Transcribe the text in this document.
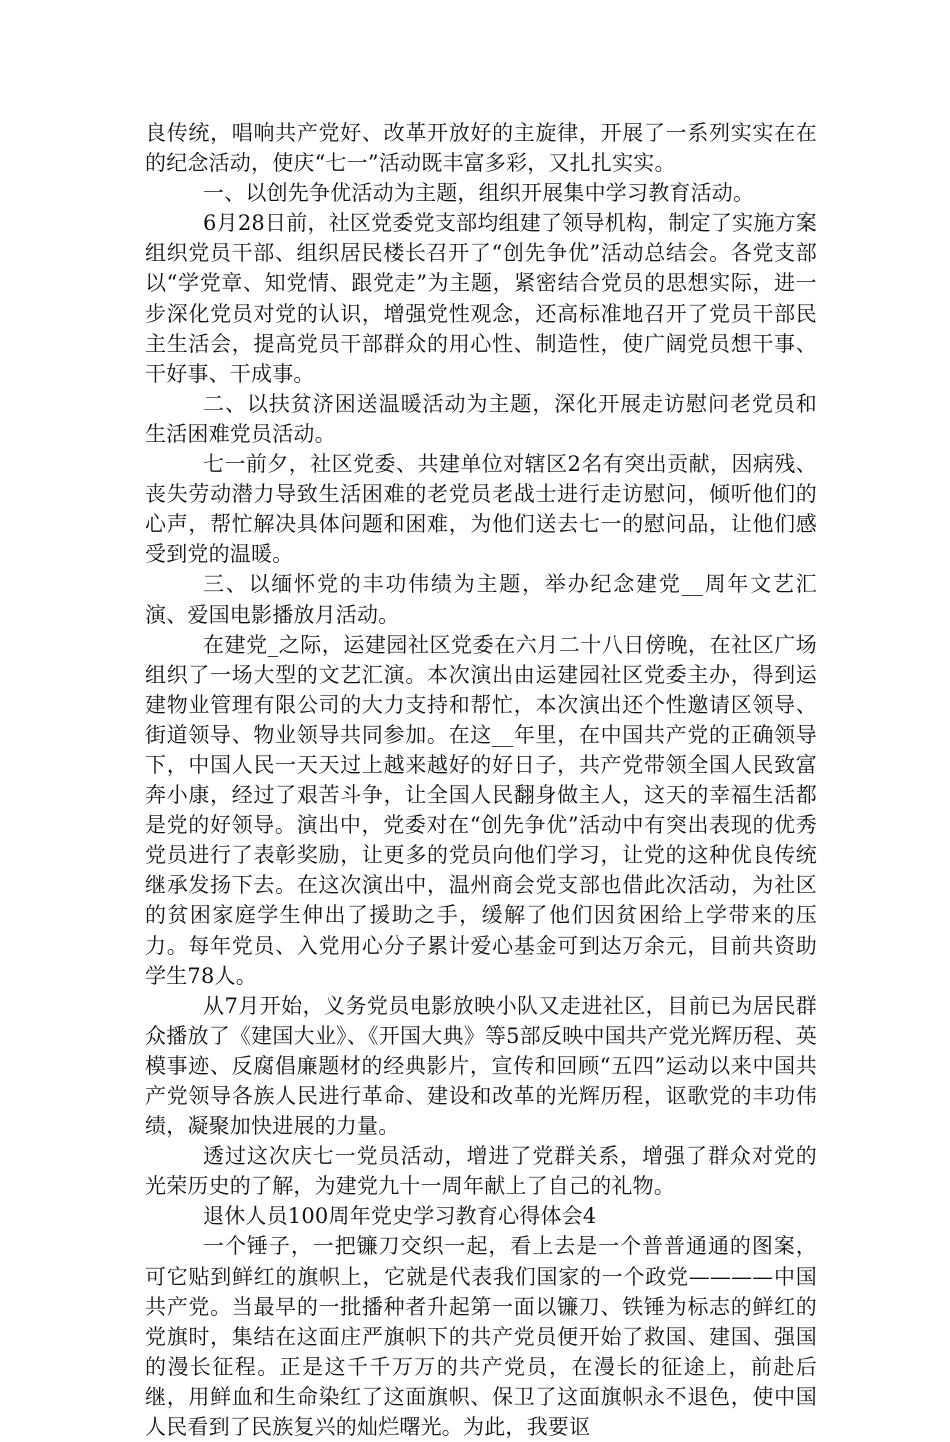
良传统，唱响共产党好、改革开放好的主旋律，开展了一系列实实在在的纪念活动，使庆“七一”活动既丰富多彩，又扎扎实实。

一、以创先争优活动为主题，组织开展集中学习教育活动。

6月28日前，社区党委党支部均组建了领导机构，制定了实施方案组织党员干部、组织居民楼长召开了“创先争优”活动总结会。各党支部以“学党章、知党情、跟党走”为主题，紧密结合党员的思想实际，进一步深化党员对党的认识，增强党性观念，还高标准地召开了党员干部民主生活会，提高党员干部群众的用心性、制造性，使广阔党员想干事、干好事、干成事。

二、以扶贫济困送温暖活动为主题，深化开展走访慰问老党员和生活困难党员活动。

七一前夕，社区党委、共建单位对辖区2名有突出贡献，因病残、丧失劳动潜力导致生活困难的老党员老战士进行走访慰问，倾听他们的心声，帮忙解决具体问题和困难，为他们送去七一的慰问品，让他们感受到党的温暖。

三、以缅怀党的丰功伟绩为主题，举办纪念建党__周年文艺汇演、爱国电影播放月活动。

在建党_之际，运建园社区党委在六月二十八日傍晚，在社区广场组织了一场大型的文艺汇演。本次演出由运建园社区党委主办，得到运建物业管理有限公司的大力支持和帮忙，本次演出还个性邀请区领导、街道领导、物业领导共同参加。在这__年里，在中国共产党的正确领导下，中国人民一天天过上越来越好的好日子，共产党带领全国人民致富奔小康，经过了艰苦斗争，让全国人民翻身做主人，这天的幸福生活都是党的好领导。演出中，党委对在“创先争优”活动中有突出表现的优秀党员进行了表彰奖励，让更多的党员向他们学习，让党的这种优良传统继承发扬下去。在这次演出中，温州商会党支部也借此次活动，为社区的贫困家庭学生伸出了援助之手，缓解了他们因贫困给上学带来的压力。每年党员、入党用心分子累计爱心基金可到达万余元，目前共资助学生78人。

从7月开始，义务党员电影放映小队又走进社区，目前已为居民群众播放了《建国大业》、《开国大典》等5部反映中国共产党光辉历程、英模事迹、反腐倡廉题材的经典影片，宣传和回顾“五四”运动以来中国共产党领导各族人民进行革命、建设和改革的光辉历程，讴歌党的丰功伟绩，凝聚加快进展的力量。

透过这次庆七一党员活动，增进了党群关系，增强了群众对党的光荣历史的了解，为建党九十一周年献上了自己的礼物。

退休人员100周年党史学习教育心得体会4

一个锤子，一把镰刀交织一起，看上去是一个普普通通的图案，可它贴到鲜红的旗帜上，它就是代表我们国家的一个政党————中国共产党。当最早的一批播种者升起第一面以镰刀、铁锤为标志的鲜红的党旗时，集结在这面庄严旗帜下的共产党员便开始了救国、建国、强国的漫长征程。正是这千千万万的共产党员，在漫长的征途上，前赴后继，用鲜血和生命染红了这面旗帜、保卫了这面旗帜永不退色，使中国人民看到了民族复兴的灿烂曙光。为此，我要讴
